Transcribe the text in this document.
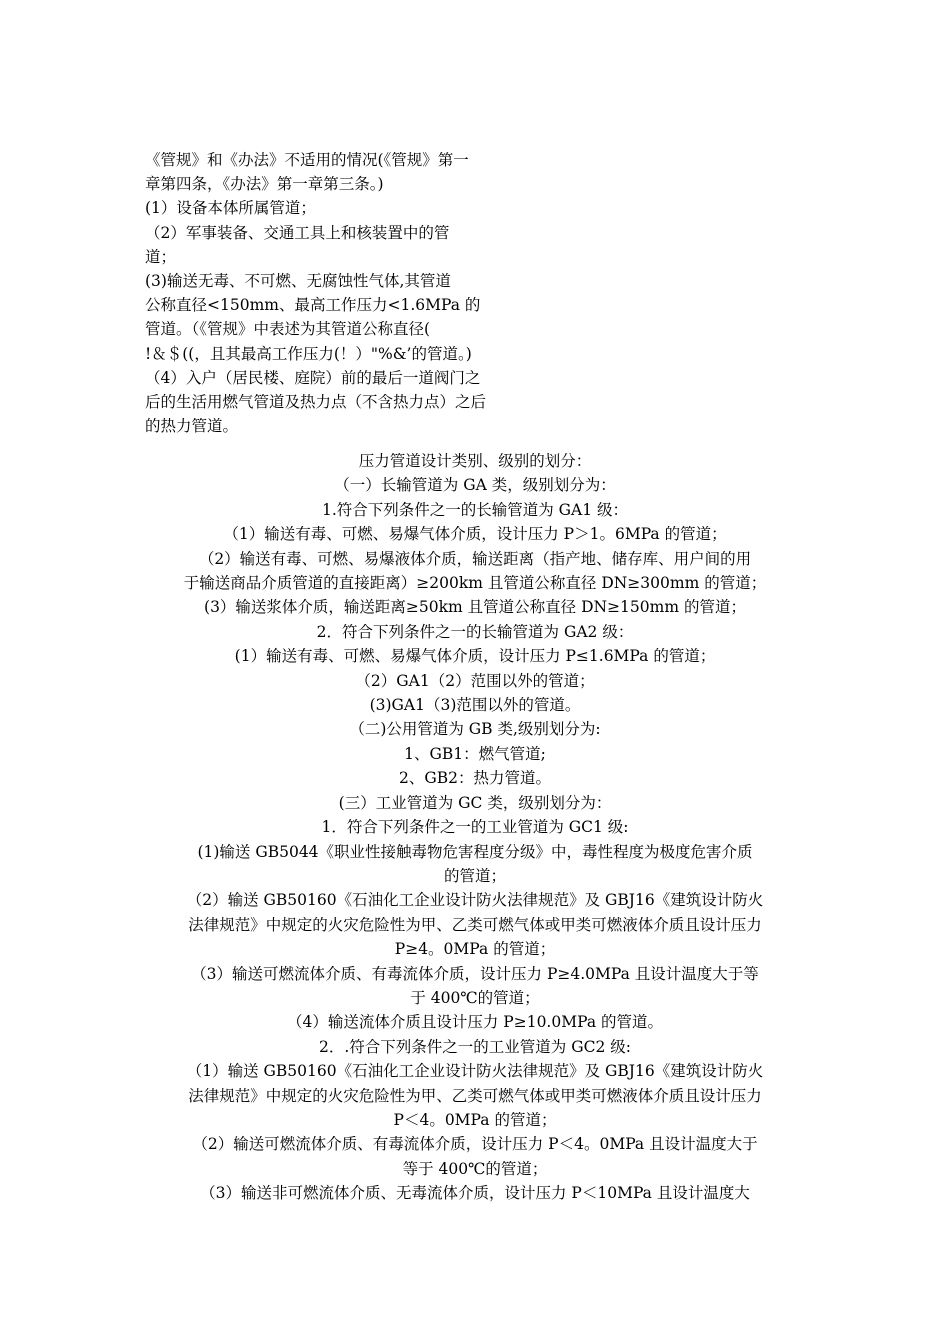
《管规》和《办法》不适用的情况(《管规》第一
章第四条，《办法》第一章第三条。)
(1）设备本体所属管道；
（2）军事装备、交通工具上和核装置中的管
道；
(3)输送无毒、不可燃、无腐蚀性气体,其管道
公称直径<150mm、最高工作压力<1.6MPa 的
管道。（《管规》中表述为其管道公称直径(
!＆＄((，且其最高工作压力(！）"%&’的管道。)
（4）入户（居民楼、庭院）前的最后一道阀门之
后的生活用燃气管道及热力点（不含热力点）之后
的热力管道。
压力管道设计类别、级别的划分：
（一）长输管道为 GA 类，级别划分为：
1.符合下列条件之一的长输管道为 GA1 级：
（1）输送有毒、可燃、易爆气体介质，设计压力 P＞1。6MPa 的管道；
（2）输送有毒、可燃、易爆液体介质，输送距离（指产地、储存库、用户间的用
于输送商品介质管道的直接距离）≥200km 且管道公称直径 DN≥300mm 的管道；
(3）输送浆体介质，输送距离≥50km 且管道公称直径 DN≥150mm 的管道；
2．符合下列条件之一的长输管道为 GA2 级：
(1）输送有毒、可燃、易爆气体介质，设计压力 P≤1.6MPa 的管道；
（2）GA1（2）范围以外的管道；
(3)GA1（3)范围以外的管道。
（二)公用管道为 GB 类,级别划分为:
1、GB1：燃气管道;
2、GB2：热力管道。
(三）工业管道为 GC 类，级别划分为：
1．符合下列条件之一的工业管道为 GC1 级:
(1)输送 GB5044《职业性接触毒物危害程度分级》中，毒性程度为极度危害介质
的管道；
（2）输送 GB50160《石油化工企业设计防火法律规范》及 GBJ16《建筑设计防火
法律规范》中规定的火灾危险性为甲、乙类可燃气体或甲类可燃液体介质且设计压力
P≥4。0MPa 的管道；
（3）输送可燃流体介质、有毒流体介质，设计压力 P≥4.0MPa 且设计温度大于等
于 400℃的管道；
（4）输送流体介质且设计压力 P≥10.0MPa 的管道。
2．.符合下列条件之一的工业管道为 GC2 级:
（1）输送 GB50160《石油化工企业设计防火法律规范》及 GBJ16《建筑设计防火
法律规范》中规定的火灾危险性为甲、乙类可燃气体或甲类可燃液体介质且设计压力
P＜4。0MPa 的管道；
（2）输送可燃流体介质、有毒流体介质，设计压力 P＜4。0MPa 且设计温度大于
等于 400℃的管道；
（3）输送非可燃流体介质、无毒流体介质，设计压力 P＜10MPa 且设计温度大
